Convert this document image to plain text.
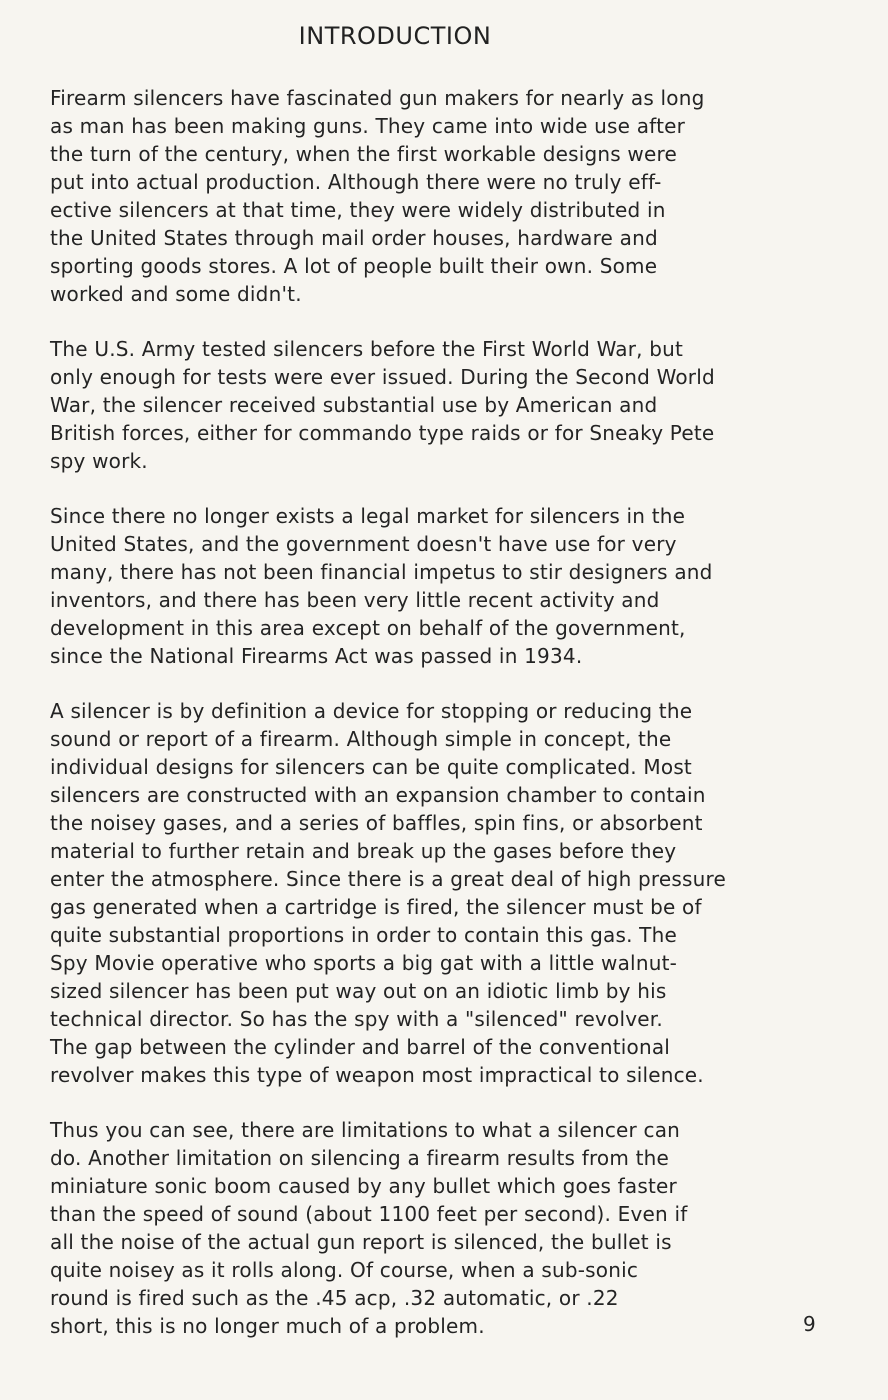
INTRODUCTION

Firearm silencers have fascinated gun makers for nearly as long
as man has been making guns. They came into wide use after
the turn of the century, when the first workable designs were
put into actual production. Although there were no truly eff-
ective silencers at that time, they were widely distributed in
the United States through mail order houses, hardware and
sporting goods stores. A lot of people built their own. Some
worked and some didn't.

The U.S. Army tested silencers before the First World War, but
only enough for tests were ever issued. During the Second World
War, the silencer received substantial use by American and
British forces, either for commando type raids or for Sneaky Pete
spy work.

Since there no longer exists a legal market for silencers in the
United States, and the government doesn't have use for very
many, there has not been financial impetus to stir designers and
inventors, and there has been very little recent activity and
development in this area except on behalf of the government,
since the National Firearms Act was passed in 1934.

A silencer is by definition a device for stopping or reducing the
sound or report of a firearm. Although simple in concept, the
individual designs for silencers can be quite complicated. Most
silencers are constructed with an expansion chamber to contain
the noisey gases, and a series of baffles, spin fins, or absorbent
material to further retain and break up the gases before they
enter the atmosphere. Since there is a great deal of high pressure
gas generated when a cartridge is fired, the silencer must be of
quite substantial proportions in order to contain this gas. The
Spy Movie operative who sports a big gat with a little walnut-
sized silencer has been put way out on an idiotic limb by his
technical director. So has the spy with a "silenced" revolver.
The gap between the cylinder and barrel of the conventional
revolver makes this type of weapon most impractical to silence.

Thus you can see, there are limitations to what a silencer can
do. Another limitation on silencing a firearm results from the
miniature sonic boom caused by any bullet which goes faster
than the speed of sound (about 1100 feet per second). Even if
all the noise of the actual gun report is silenced, the bullet is
quite noisey as it rolls along. Of course, when a sub-sonic
round is fired such as the .45 acp, .32 automatic, or .22
short, this is no longer much of a problem.	9
